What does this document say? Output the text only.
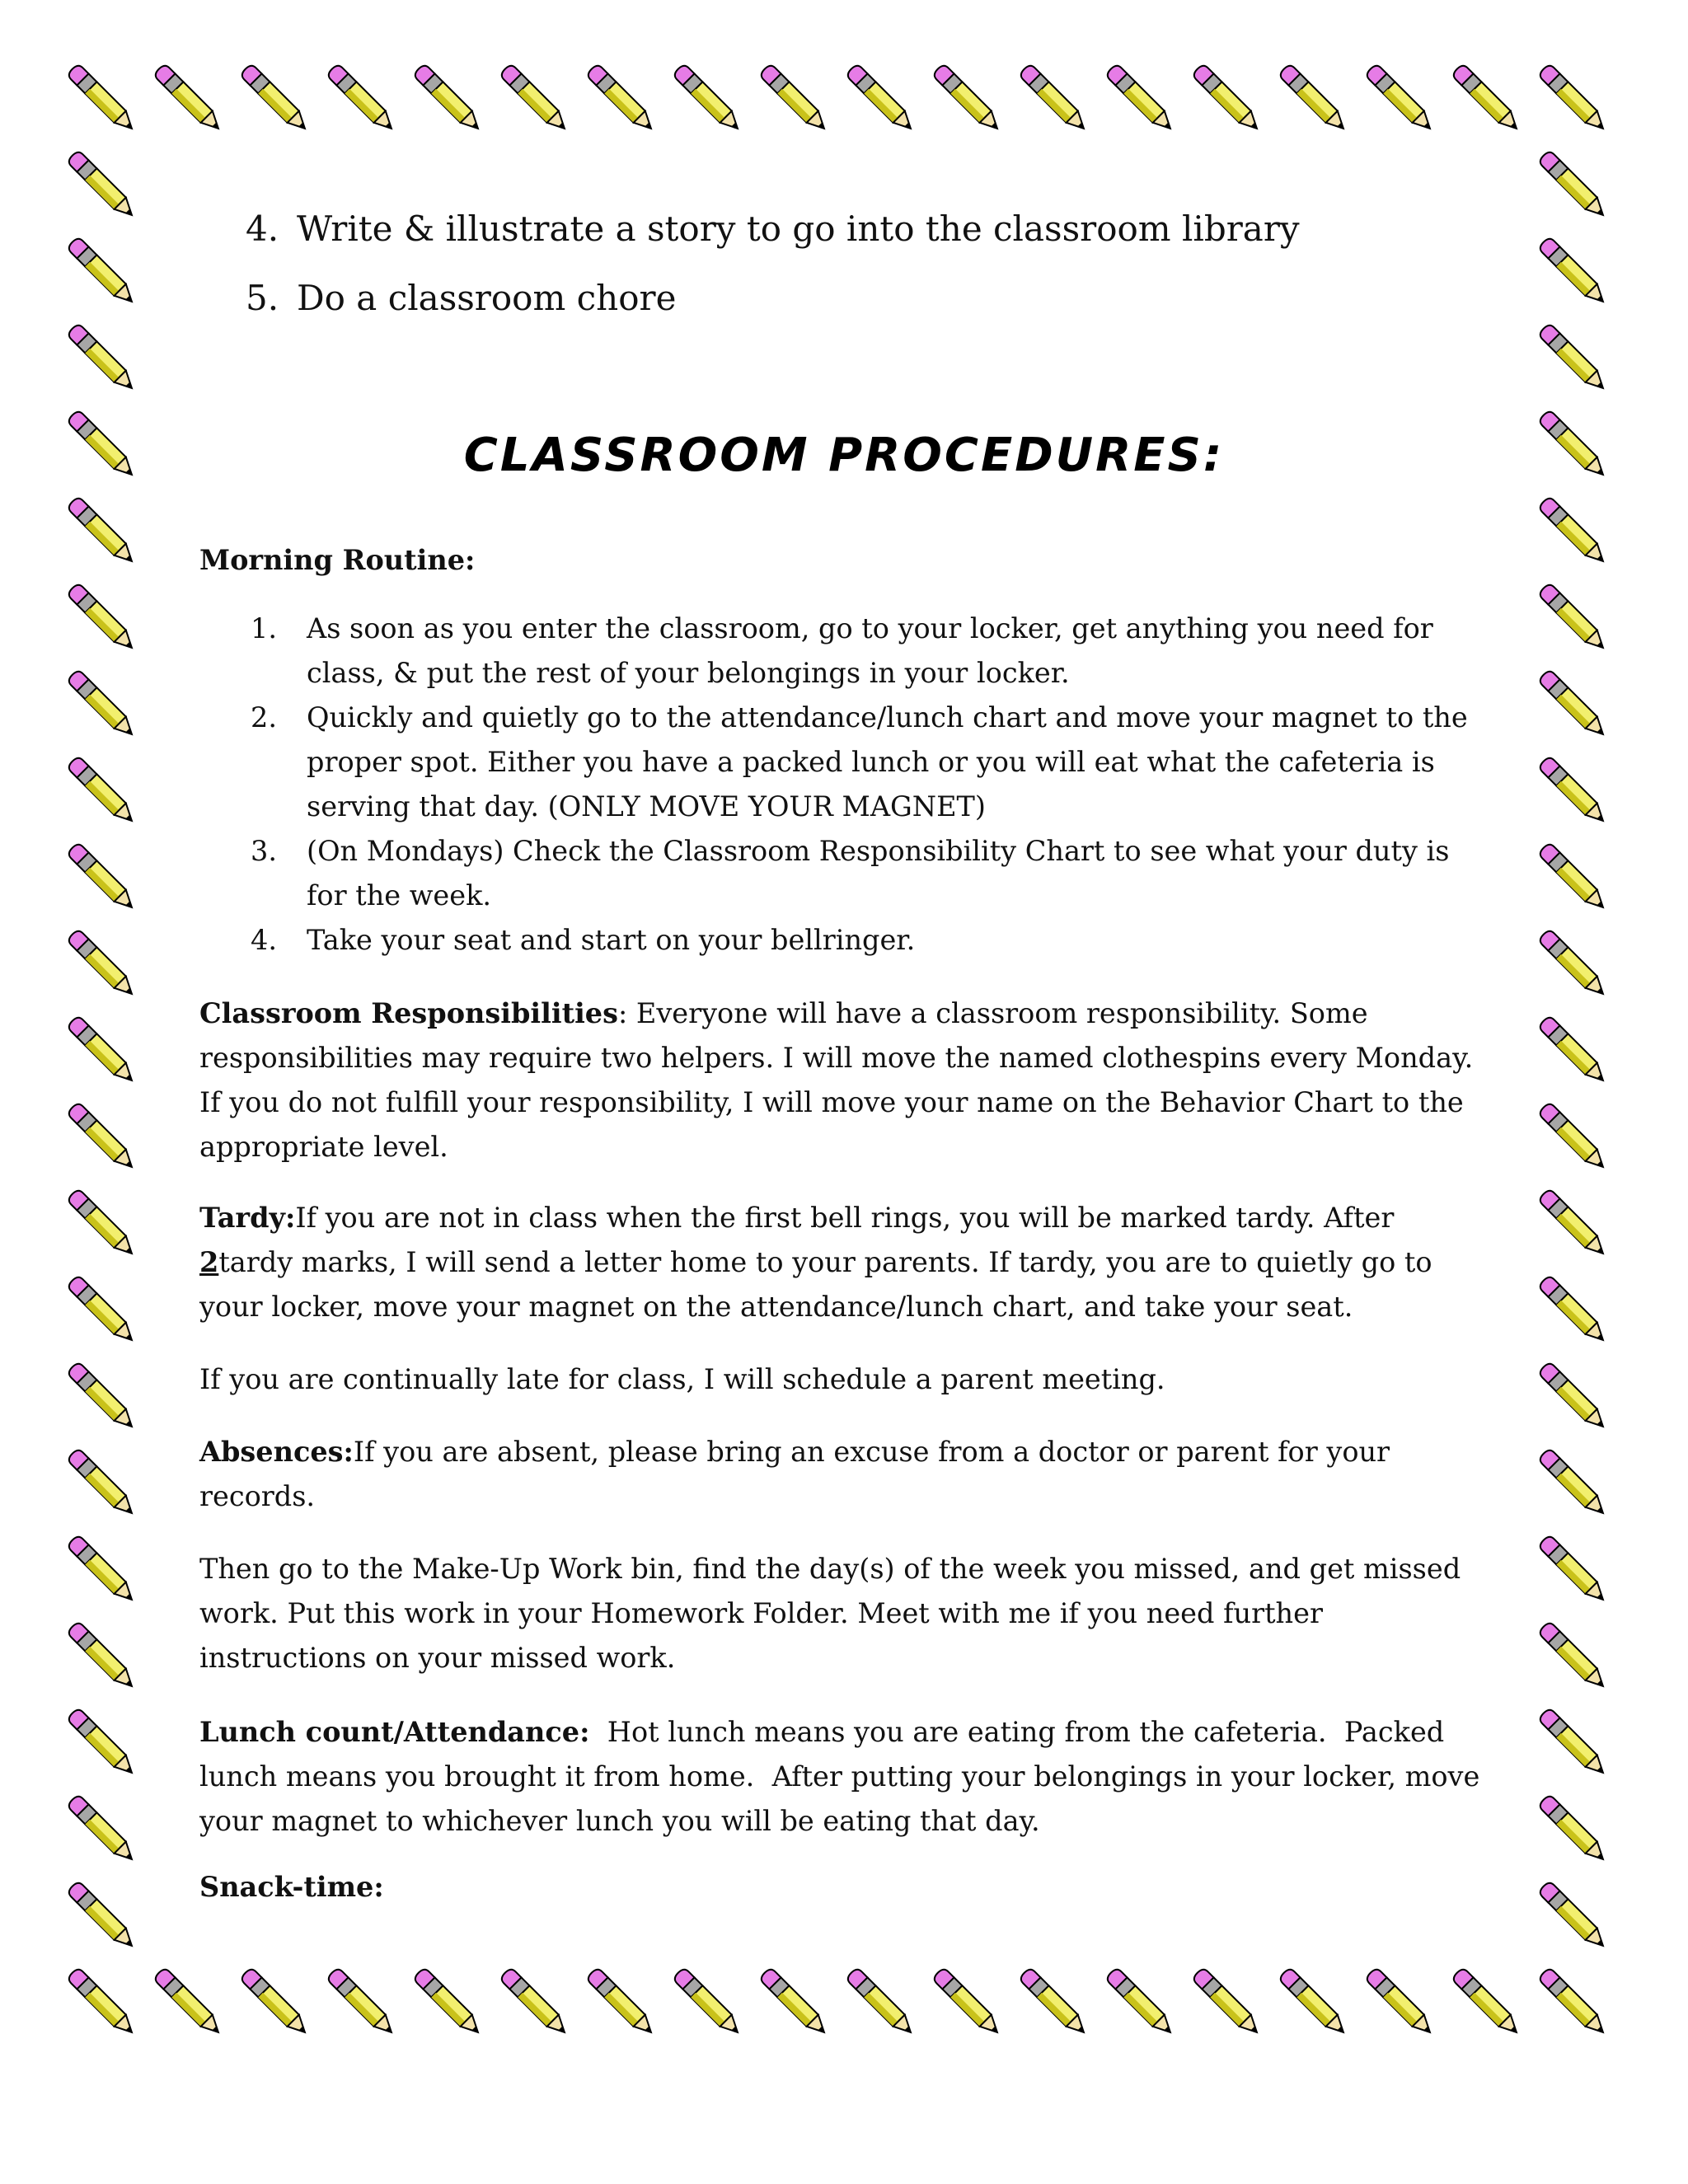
4. Write & illustrate a story to go into the classroom library
5. Do a classroom chore
CLASSROOM PROCEDURES:
Morning Routine:
1. As soon as you enter the classroom, go to your locker, get anything you need for class, & put the rest of your belongings in your locker.
2. Quickly and quietly go to the attendance/lunch chart and move your magnet to the proper spot. Either you have a packed lunch or you will eat what the cafeteria is serving that day. (ONLY MOVE YOUR MAGNET)
3. (On Mondays) Check the Classroom Responsibility Chart to see what your duty is for the week.
4. Take your seat and start on your bellringer.

Classroom Responsibilities: Everyone will have a classroom responsibility. Some responsibilities may require two helpers. I will move the named clothespins every Monday. If you do not fulfill your responsibility, I will move your name on the Behavior Chart to the appropriate level.

Tardy:If you are not in class when the first bell rings, you will be marked tardy. After 2tardy marks, I will send a letter home to your parents. If tardy, you are to quietly go to your locker, move your magnet on the attendance/lunch chart, and take your seat.

If you are continually late for class, I will schedule a parent meeting.

Absences:If you are absent, please bring an excuse from a doctor or parent for your records.

Then go to the Make-Up Work bin, find the day(s) of the week you missed, and get missed work. Put this work in your Homework Folder. Meet with me if you need further instructions on your missed work.

Lunch count/Attendance:  Hot lunch means you are eating from the cafeteria.  Packed lunch means you brought it from home.  After putting your belongings in your locker, move your magnet to whichever lunch you will be eating that day.

Snack-time:
